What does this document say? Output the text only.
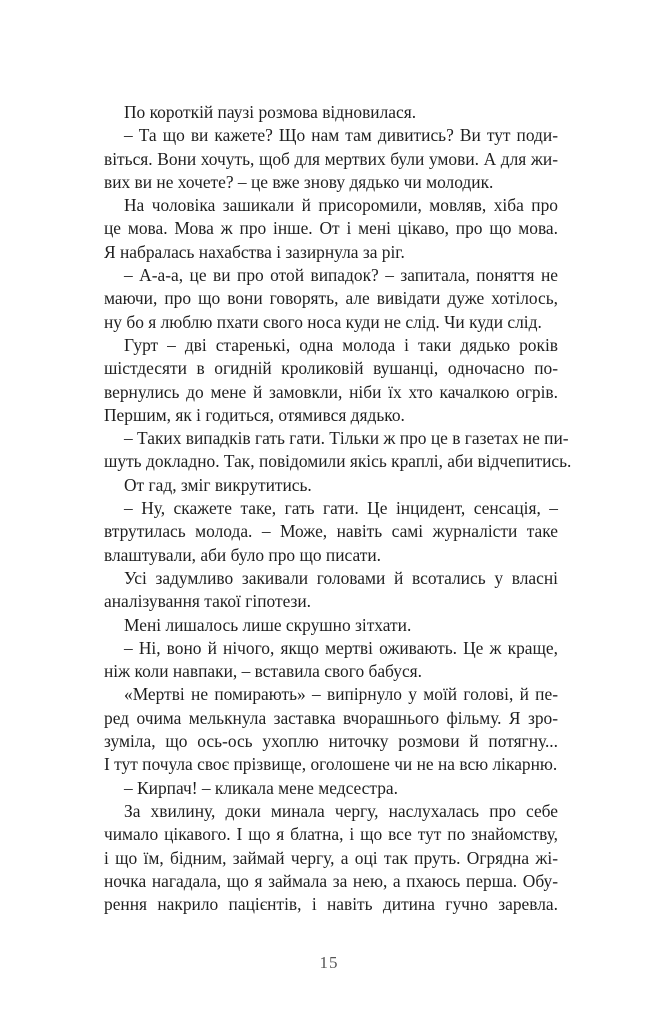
По короткій паузі розмова відновилася.
– Та що ви кажете? Що нам там дивитись? Ви тут поди-
віться. Вони хочуть, щоб для мертвих були умови. А для жи-
вих ви не хочете? – це вже знову дядько чи молодик.
На чоловіка зашикали й присоромили, мовляв, хіба про
це мова. Мова ж про інше. От і мені цікаво, про що мова.
Я набралась нахабства і зазирнула за ріг.
– А-а-а, це ви про отой випадок? – запитала, поняття не
маючи, про що вони говорять, але вивідати дуже хотілось,
ну бо я люблю пхати свого носа куди не слід. Чи куди слід.
Гурт – дві старенькі, одна молода і таки дядько років
шістдесяти в огидній кроликовій вушанці, одночасно по-
вернулись до мене й замовкли, ніби їх хто качалкою огрів.
Першим, як і годиться, отямився дядько.
– Таких випадків гать гати. Тільки ж про це в газетах не пи-
шуть докладно. Так, повідомили якісь краплі, аби відчепитись.
От гад, зміг викрутитись.
– Ну, скажете таке, гать гати. Це інцидент, сенсація, –
втрутилась молода. – Може, навіть самі журналісти таке
влаштували, аби було про що писати.
Усі задумливо закивали головами й всотались у власні
аналізування такої гіпотези.
Мені лишалось лише скрушно зітхати.
– Ні, воно й нічого, якщо мертві оживають. Це ж краще,
ніж коли навпаки, – вставила свого бабуся.
«Мертві не помирають» – випірнуло у моїй голові, й пе-
ред очима мелькнула заставка вчорашнього фільму. Я зро-
зуміла, що ось-ось ухоплю ниточку розмови й потягну...
І тут почула своє прізвище, оголошене чи не на всю лікарню.
– Кирпач! – кликала мене медсестра.
За хвилину, доки минала чергу, наслухалась про себе
чимало цікавого. І що я блатна, і що все тут по знайомству,
і що їм, бідним, займай чергу, а оці так пруть. Огрядна жі-
ночка нагадала, що я займала за нею, а пхаюсь перша. Обу-
рення накрило пацієнтів, і навіть дитина гучно заревла.
15
